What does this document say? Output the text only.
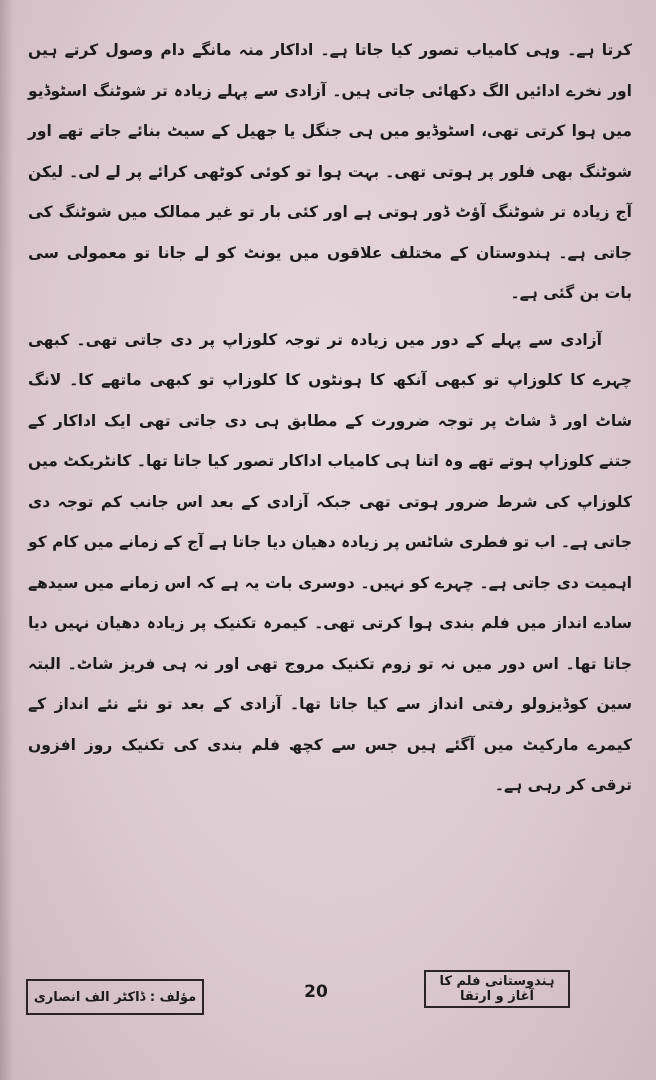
کرتا ہے۔ وہی کامیاب تصور کیا جاتا ہے۔ اداکار منہ مانگے دام وصول کرتے ہیں اور نخرے ادائیں الگ دکھائی جاتی ہیں۔ آزادی سے پہلے زیادہ تر شوٹنگ اسٹوڈیو میں ہوا کرتی تھی، اسٹوڈیو میں ہی جنگل یا جھیل کے سیٹ بنائے جاتے تھے اور شوٹنگ بھی فلور پر ہوتی تھی۔ بہت ہوا تو کوئی کوٹھی کرائے پر لے لی۔ لیکن آج زیادہ تر شوٹنگ آؤٹ ڈور ہوتی ہے اور کئی بار تو غیر ممالک میں شوٹنگ کی جاتی ہے۔ ہندوستان کے مختلف علاقوں میں یونٹ کو لے جانا تو معمولی سی بات بن گئی ہے۔

آزادی سے پہلے کے دور میں زیادہ تر توجہ کلوزاپ پر دی جاتی تھی۔ کبھی چہرے کا کلوزاپ تو کبھی آنکھ کا ہونٹوں کا کلوزاپ تو کبھی ماتھے کا۔ لانگ شاٹ اور ڈ شاٹ پر توجہ ضرورت کے مطابق ہی دی جاتی تھی ایک اداکار کے جتنے کلوزاپ ہوتے تھے وہ اتنا ہی کامیاب اداکار تصور کیا جاتا تھا۔ کانٹریکٹ میں کلوزاپ کی شرط ضرور ہوتی تھی جبکہ آزادی کے بعد اس جانب کم توجہ دی جاتی ہے۔ اب تو فطری شاٹس پر زیادہ دھیان دیا جاتا ہے آج کے زمانے میں کام کو اہمیت دی جاتی ہے۔ چہرے کو نہیں۔ دوسری بات یہ ہے کہ اس زمانے میں سیدھے سادے انداز میں فلم بندی ہوا کرتی تھی۔ کیمرہ تکنیک پر زیادہ دھیان نہیں دیا جاتا تھا۔ اس دور میں نہ تو زوم تکنیک مروج تھی اور نہ ہی فریز شاٹ۔ البتہ سین کوڈیزولو رفتی انداز سے کیا جاتا تھا۔ آزادی کے بعد تو نئے نئے انداز کے کیمرے مارکیٹ میں آگئے ہیں جس سے کچھ فلم بندی کی تکنیک روز افزوں ترقی کر رہی ہے۔

ہندوستانی فلم کا آغاز و ارتقا
20
مؤلف : ڈاکٹر الف انصاری
